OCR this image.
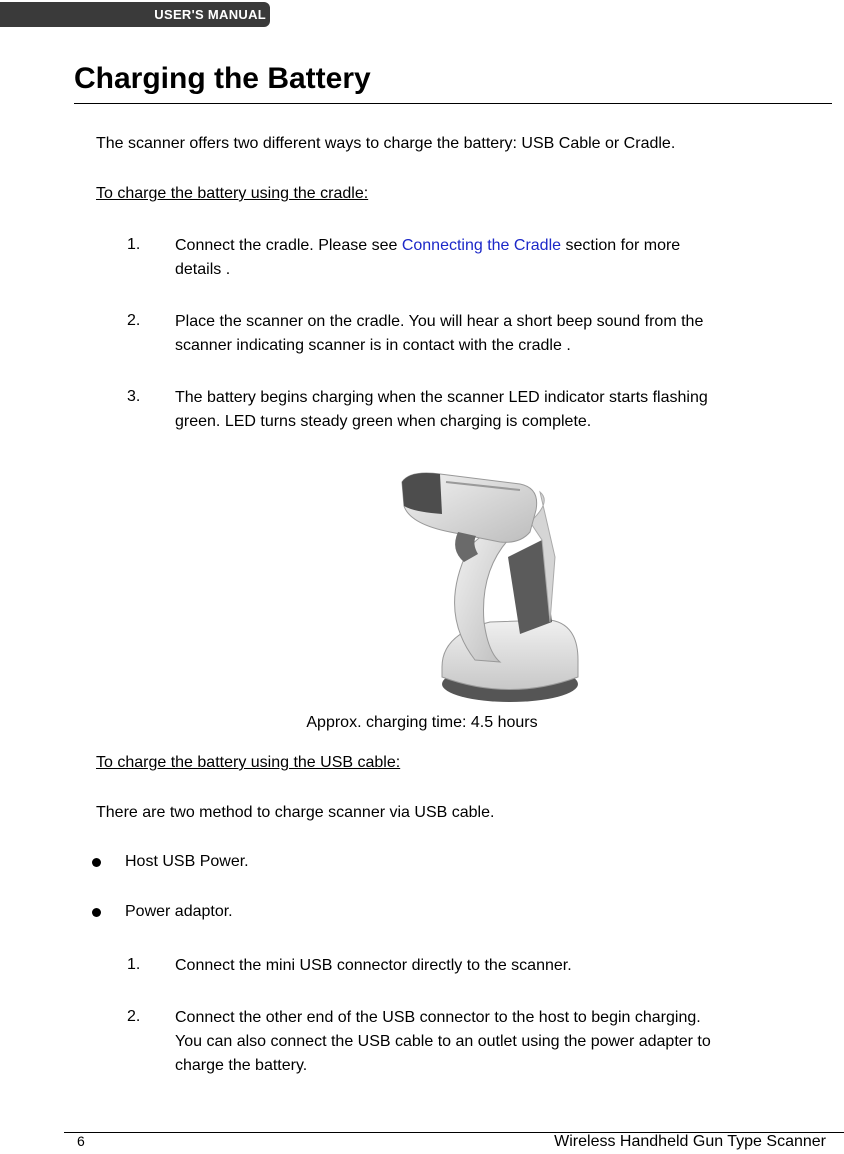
USER'S MANUAL
Charging the Battery
The scanner offers two different ways to charge the battery: USB Cable or Cradle.
To charge the battery using the cradle:
1. Connect the cradle. Please see Connecting the Cradle section for more
details .
2. Place the scanner on the cradle. You will hear a short beep sound from the
scanner indicating scanner is in contact with the cradle .
3. The battery begins charging when the scanner LED indicator starts flashing
green. LED turns steady green when charging is complete.
Approx. charging time: 4.5 hours
To charge the battery using the USB cable:
There are two method to charge scanner via USB cable.
Host USB Power.
Power adaptor.
1. Connect the mini USB connector directly to the scanner.
2. Connect the other end of the USB connector to the host to begin charging.
You can also connect the USB cable to an outlet using the power adapter to
charge the battery.
6	Wireless Handheld Gun Type Scanner
